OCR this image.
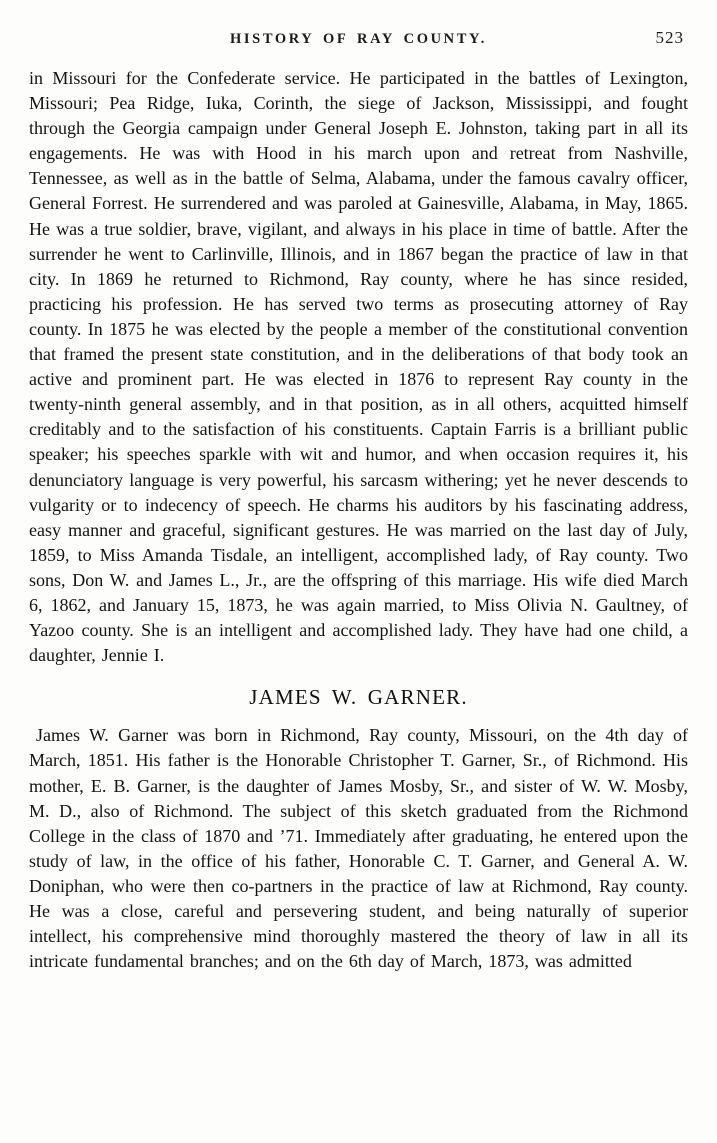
HISTORY OF RAY COUNTY.	523

in Missouri for the Confederate service. He participated in the battles of Lexington, Missouri; Pea Ridge, Iuka, Corinth, the siege of Jackson, Mississippi, and fought through the Georgia campaign under General Joseph E. Johnston, taking part in all its engagements. He was with Hood in his march upon and retreat from Nashville, Tennessee, as well as in the battle of Selma, Alabama, under the famous cavalry officer, General Forrest. He surrendered and was paroled at Gainesville, Alabama, in May, 1865. He was a true soldier, brave, vigilant, and always in his place in time of battle. After the surrender he went to Carlinville, Illinois, and in 1867 began the practice of law in that city. In 1869 he returned to Richmond, Ray county, where he has since resided, practicing his profession. He has served two terms as prosecuting attorney of Ray county. In 1875 he was elected by the people a member of the constitutional convention that framed the present state constitution, and in the deliberations of that body took an active and prominent part. He was elected in 1876 to represent Ray county in the twenty-ninth general assembly, and in that position, as in all others, acquitted himself creditably and to the satisfaction of his constituents. Captain Farris is a brilliant public speaker; his speeches sparkle with wit and humor, and when occasion requires it, his denunciatory language is very powerful, his sarcasm withering; yet he never descends to vulgarity or to indecency of speech. He charms his auditors by his fascinating address, easy manner and graceful, significant gestures. He was married on the last day of July, 1859, to Miss Amanda Tisdale, an intelligent, accomplished lady, of Ray county. Two sons, Don W. and James L., Jr., are the offspring of this marriage. His wife died March 6, 1862, and January 15, 1873, he was again married, to Miss Olivia N. Gaultney, of Yazoo county. She is an intelligent and accomplished lady. They have had one child, a daughter, Jennie I.

JAMES W. GARNER.

James W. Garner was born in Richmond, Ray county, Missouri, on the 4th day of March, 1851. His father is the Honorable Christopher T. Garner, Sr., of Richmond. His mother, E. B. Garner, is the daughter of James Mosby, Sr., and sister of W. W. Mosby, M. D., also of Richmond. The subject of this sketch graduated from the Richmond College in the class of 1870 and ’71. Immediately after graduating, he entered upon the study of law, in the office of his father, Honorable C. T. Garner, and General A. W. Doniphan, who were then co-partners in the practice of law at Richmond, Ray county. He was a close, careful and persevering student, and being naturally of superior intellect, his comprehensive mind thoroughly mastered the theory of law in all its intricate fundamental branches; and on the 6th day of March, 1873, was admitted
